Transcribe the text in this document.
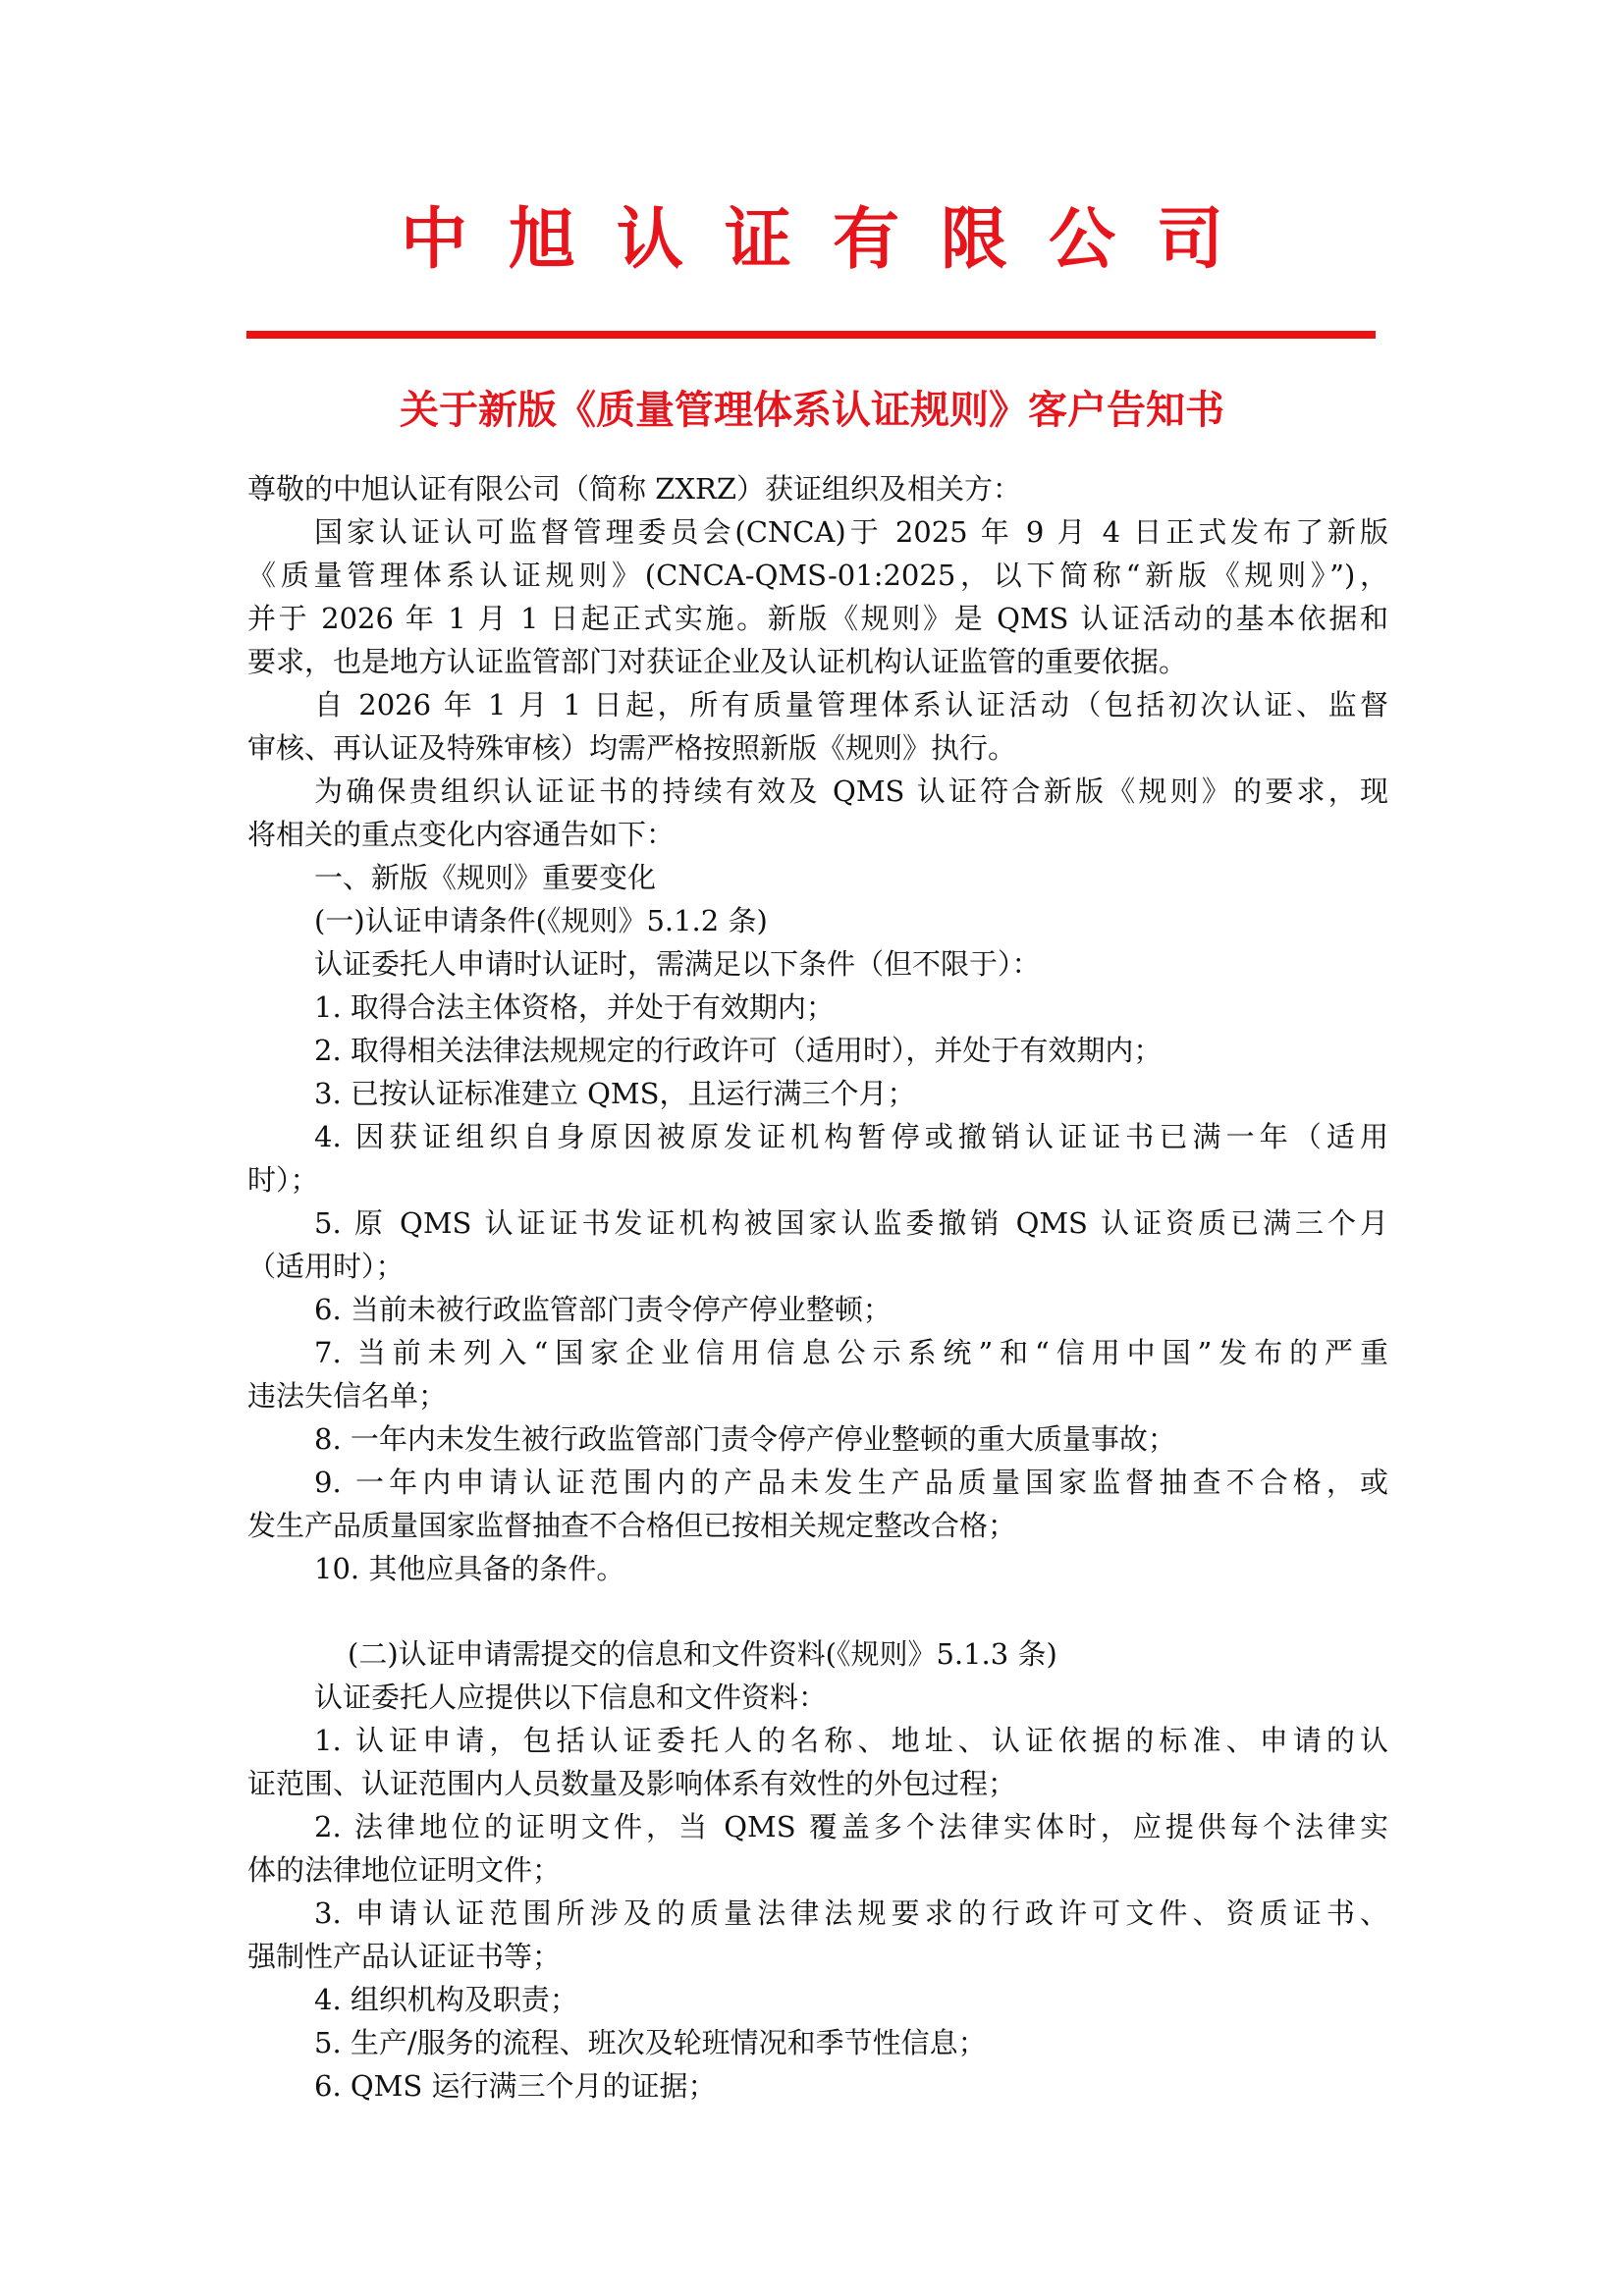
中旭认证有限公司
关于新版《质量管理体系认证规则》客户告知书
尊敬的中旭认证有限公司（简称 ZXRZ）获证组织及相关方：
国家认证认可监督管理委员会(CNCA)于 2025 年 9 月 4 日正式发布了新版
《质量管理体系认证规则》(CNCA-QMS-01:2025，以下简称“新版《规则》”)，
并于 2026 年 1 月 1 日起正式实施。新版《规则》是 QMS 认证活动的基本依据和
要求，也是地方认证监管部门对获证企业及认证机构认证监管的重要依据。
自 2026 年 1 月 1 日起，所有质量管理体系认证活动（包括初次认证、监督
审核、再认证及特殊审核）均需严格按照新版《规则》执行。
为确保贵组织认证证书的持续有效及 QMS 认证符合新版《规则》的要求，现
将相关的重点变化内容通告如下：
一、新版《规则》重要变化
(一)认证申请条件(《规则》5.1.2 条)
认证委托人申请时认证时，需满足以下条件（但不限于）：
1. 取得合法主体资格，并处于有效期内；
2. 取得相关法律法规规定的行政许可（适用时），并处于有效期内；
3. 已按认证标准建立 QMS，且运行满三个月；
4. 因获证组织自身原因被原发证机构暂停或撤销认证证书已满一年（适用
时）；
5. 原 QMS 认证证书发证机构被国家认监委撤销 QMS 认证资质已满三个月
（适用时）；
6. 当前未被行政监管部门责令停产停业整顿；
7. 当前未列入“国家企业信用信息公示系统”和“信用中国”发布的严重
违法失信名单；
8. 一年内未发生被行政监管部门责令停产停业整顿的重大质量事故；
9. 一年内申请认证范围内的产品未发生产品质量国家监督抽查不合格，或
发生产品质量国家监督抽查不合格但已按相关规定整改合格；
10. 其他应具备的条件。
(二)认证申请需提交的信息和文件资料(《规则》5.1.3 条)
认证委托人应提供以下信息和文件资料：
1. 认证申请，包括认证委托人的名称、地址、认证依据的标准、申请的认
证范围、认证范围内人员数量及影响体系有效性的外包过程；
2. 法律地位的证明文件，当 QMS 覆盖多个法律实体时，应提供每个法律实
体的法律地位证明文件；
3. 申请认证范围所涉及的质量法律法规要求的行政许可文件、资质证书、
强制性产品认证证书等；
4. 组织机构及职责；
5. 生产/服务的流程、班次及轮班情况和季节性信息；
6. QMS 运行满三个月的证据；
